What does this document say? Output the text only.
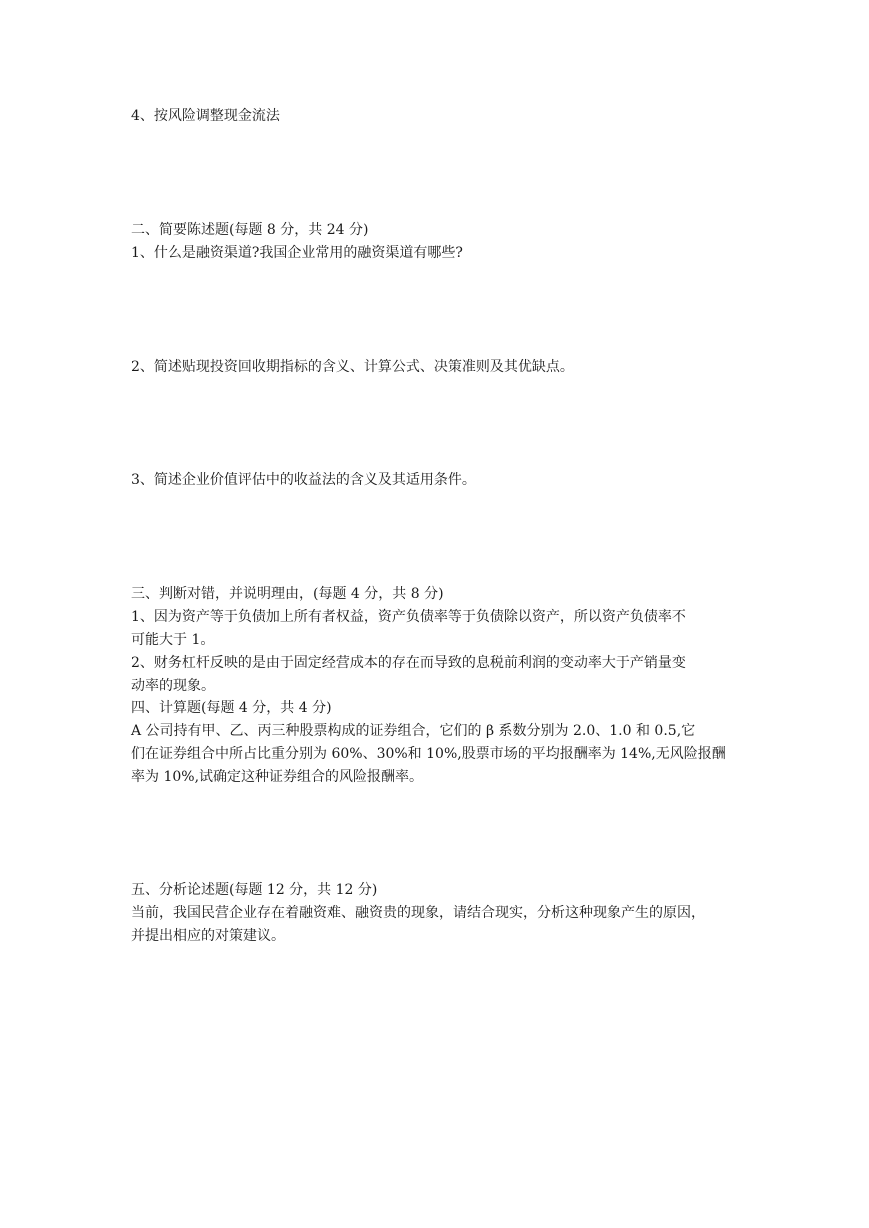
4、按风险调整现金流法

二、简要陈述题(每题 8 分，共 24 分)

1、什么是融资渠道?我国企业常用的融资渠道有哪些?

2、简述贴现投资回收期指标的含义、计算公式、决策准则及其优缺点。

3、简述企业价值评估中的收益法的含义及其适用条件。

三、判断对错，并说明理由，(每题 4 分，共 8 分)

1、因为资产等于负债加上所有者权益，资产负债率等于负债除以资产，所以资产负债率不

可能大于 1。

2、财务杠杆反映的是由于固定经营成本的存在而导致的息税前利润的变动率大于产销量变

动率的现象。

四、计算题(每题 4 分，共 4 分)

A 公司持有甲、乙、丙三种股票构成的证券组合，它们的 β 系数分别为 2.0、1.0 和 0.5,它

们在证券组合中所占比重分别为 60%、30%和 10%,股票市场的平均报酬率为 14%,无风险报酬

率为 10%,试确定这种证券组合的风险报酬率。

五、分析论述题(每题 12 分，共 12 分)

当前，我国民营企业存在着融资难、融资贵的现象，请结合现实，分析这种现象产生的原因，

并提出相应的对策建议。
